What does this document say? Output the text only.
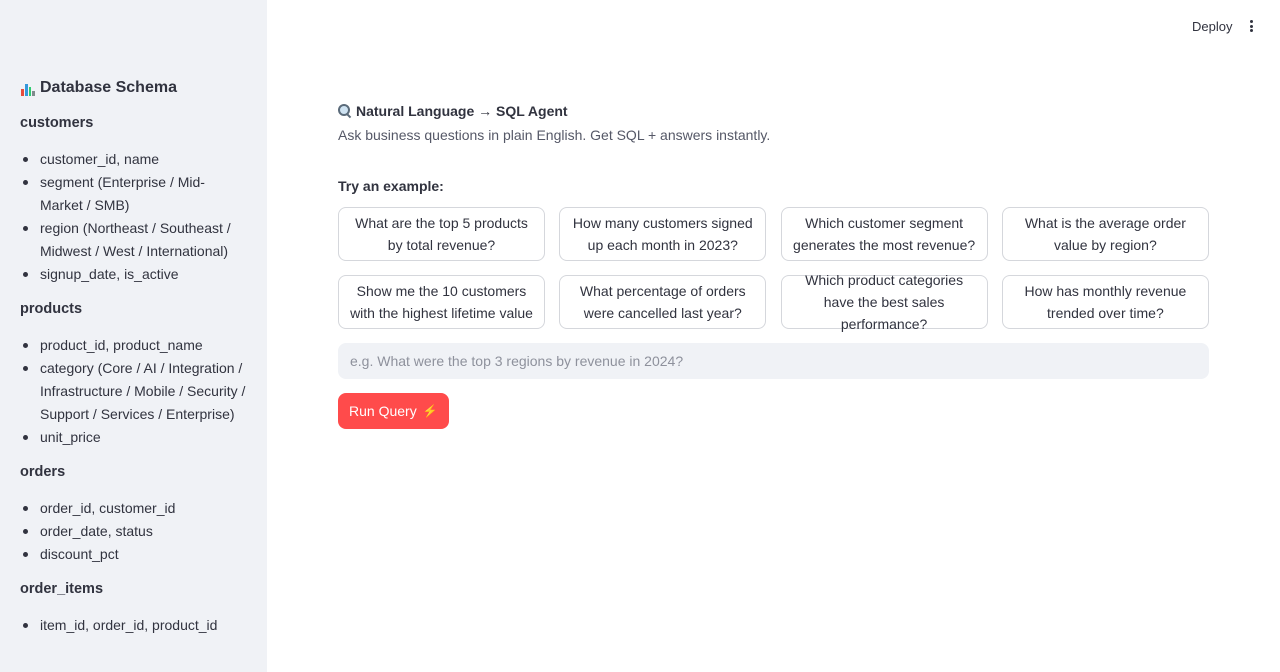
Database Schema
customers
customer_id, name
segment (Enterprise / Mid-Market / SMB)
region (Northeast / Southeast / Midwest / West / International)
signup_date, is_active
products
product_id, product_name
category (Core / AI / Integration / Infrastructure / Mobile / Security / Support / Services / Enterprise)
unit_price
orders
order_id, customer_id
order_date, status
discount_pct
order_items
item_id, order_id, product_id
Deploy
Natural Language → SQL Agent
Ask business questions in plain English. Get SQL + answers instantly.
Try an example:
What are the top 5 products by total revenue?
How many customers signed up each month in 2023?
Which customer segment generates the most revenue?
What is the average order value by region?
Show me the 10 customers with the highest lifetime value
What percentage of orders were cancelled last year?
Which product categories have the best sales performance?
How has monthly revenue trended over time?
e.g. What were the top 3 regions by revenue in 2024?
Run Query ⚡
